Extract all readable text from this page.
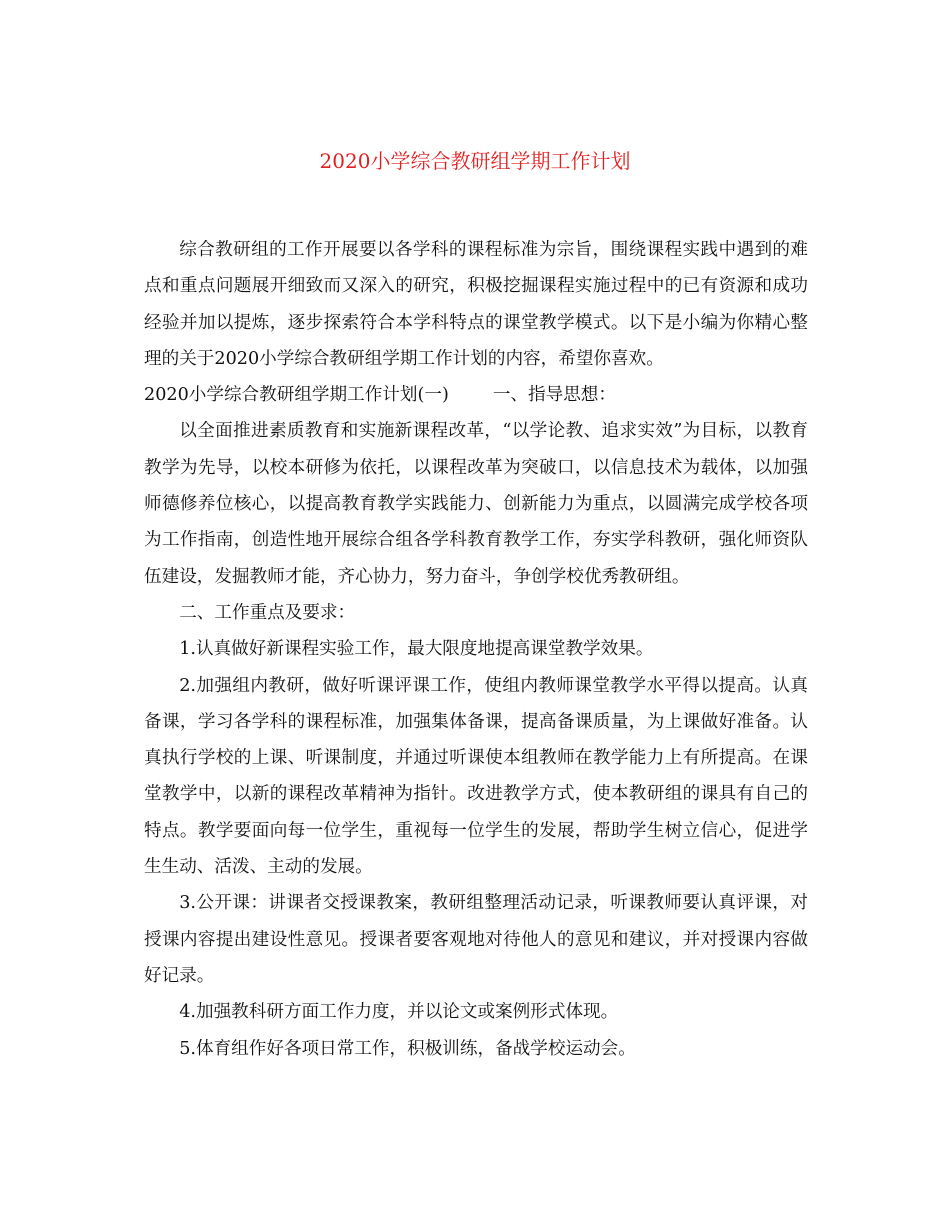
2020小学综合教研组学期工作计划

综合教研组的工作开展要以各学科的课程标准为宗旨，围绕课程实践中遇到的难点和重点问题展开细致而又深入的研究，积极挖掘课程实施过程中的已有资源和成功经验并加以提炼，逐步探索符合本学科特点的课堂教学模式。以下是小编为你精心整理的关于2020小学综合教研组学期工作计划的内容，希望你喜欢。

2020小学综合教研组学期工作计划(一)	一、指导思想：

以全面推进素质教育和实施新课程改革，“以学论教、追求实效”为目标，以教育教学为先导，以校本研修为依托，以课程改革为突破口，以信息技术为载体，以加强师德修养位核心，以提高教育教学实践能力、创新能力为重点，以圆满完成学校各项为工作指南，创造性地开展综合组各学科教育教学工作，夯实学科教研，强化师资队伍建设，发掘教师才能，齐心协力，努力奋斗，争创学校优秀教研组。

二、工作重点及要求：

1.认真做好新课程实验工作，最大限度地提高课堂教学效果。

2.加强组内教研，做好听课评课工作，使组内教师课堂教学水平得以提高。认真备课，学习各学科的课程标准，加强集体备课，提高备课质量，为上课做好准备。认真执行学校的上课、听课制度，并通过听课使本组教师在教学能力上有所提高。在课堂教学中，以新的课程改革精神为指针。改进教学方式，使本教研组的课具有自己的特点。教学要面向每一位学生，重视每一位学生的发展，帮助学生树立信心，促进学生生动、活泼、主动的发展。

3.公开课：讲课者交授课教案，教研组整理活动记录，听课教师要认真评课，对授课内容提出建设性意见。授课者要客观地对待他人的意见和建议，并对授课内容做好记录。

4.加强教科研方面工作力度，并以论文或案例形式体现。

5.体育组作好各项日常工作，积极训练，备战学校运动会。
